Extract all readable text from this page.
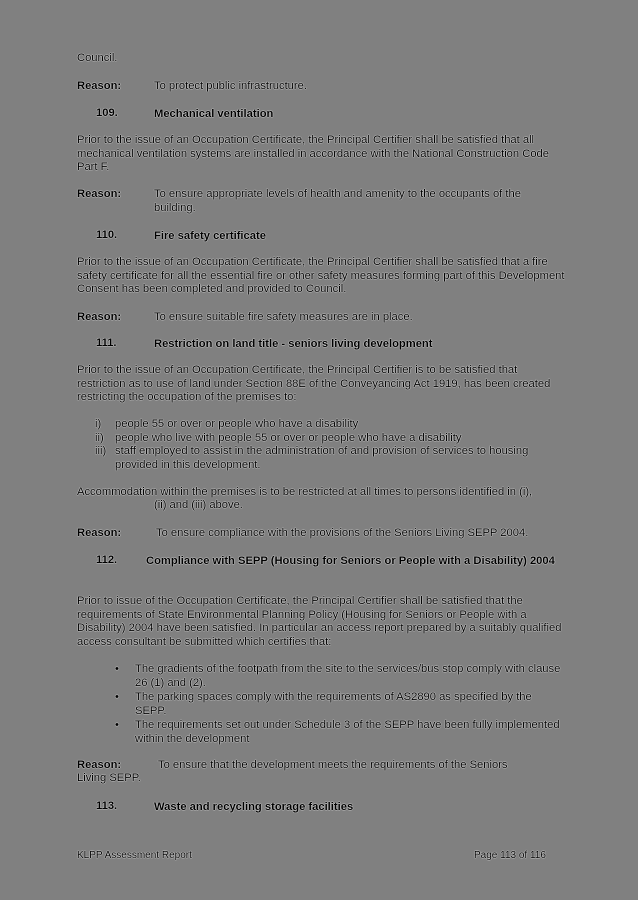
Council.
Reason:	To protect public infrastructure.
109.	Mechanical ventilation
Prior to the issue of an Occupation Certificate, the Principal Certifier shall be satisfied that all mechanical ventilation systems are installed in accordance with the National Construction Code Part F.
Reason:	To ensure appropriate levels of health and amenity to the occupants of the building.
110.	Fire safety certificate
Prior to the issue of an Occupation Certificate, the Principal Certifier shall be satisfied that a fire safety certificate for all the essential fire or other safety measures forming part of this Development Consent has been completed and provided to Council.
Reason:	To ensure suitable fire safety measures are in place.
111.	Restriction on land title - seniors living development
Prior to the issue of an Occupation Certificate, the Principal Certifier is to be satisfied that restriction as to use of land under Section 88E of the Conveyancing Act 1919, has been created restricting the occupation of the premises to:
i) people 55 or over or people who have a disability
ii) people who live with people 55 or over or people who have a disability
iii) staff employed to assist in the administration of and provision of services to housing provided in this development.
Accommodation within the premises is to be restricted at all times to persons identified in (i),
(ii) and (iii) above.
Reason:	To ensure compliance with the provisions of the Seniors Living SEPP 2004.
112.	Compliance with SEPP (Housing for Seniors or People with a Disability) 2004
Prior to issue of the Occupation Certificate, the Principal Certifier shall be satisfied that the requirements of State Environmental Planning Policy (Housing for Seniors or People with a Disability) 2004 have been satisfied. In particular an access report prepared by a suitably qualified access consultant be submitted which certifies that:
• The gradients of the footpath from the site to the services/bus stop comply with clause 26 (1) and (2).
• The parking spaces comply with the requirements of AS2890 as specified by the SEPP.
• The requirements set out under Schedule 3 of the SEPP have been fully implemented within the development
Reason:	To ensure that the development meets the requirements of the Seniors
Living SEPP.
113.	Waste and recycling storage facilities
KLPP Assessment Report	Page 113 of 116
